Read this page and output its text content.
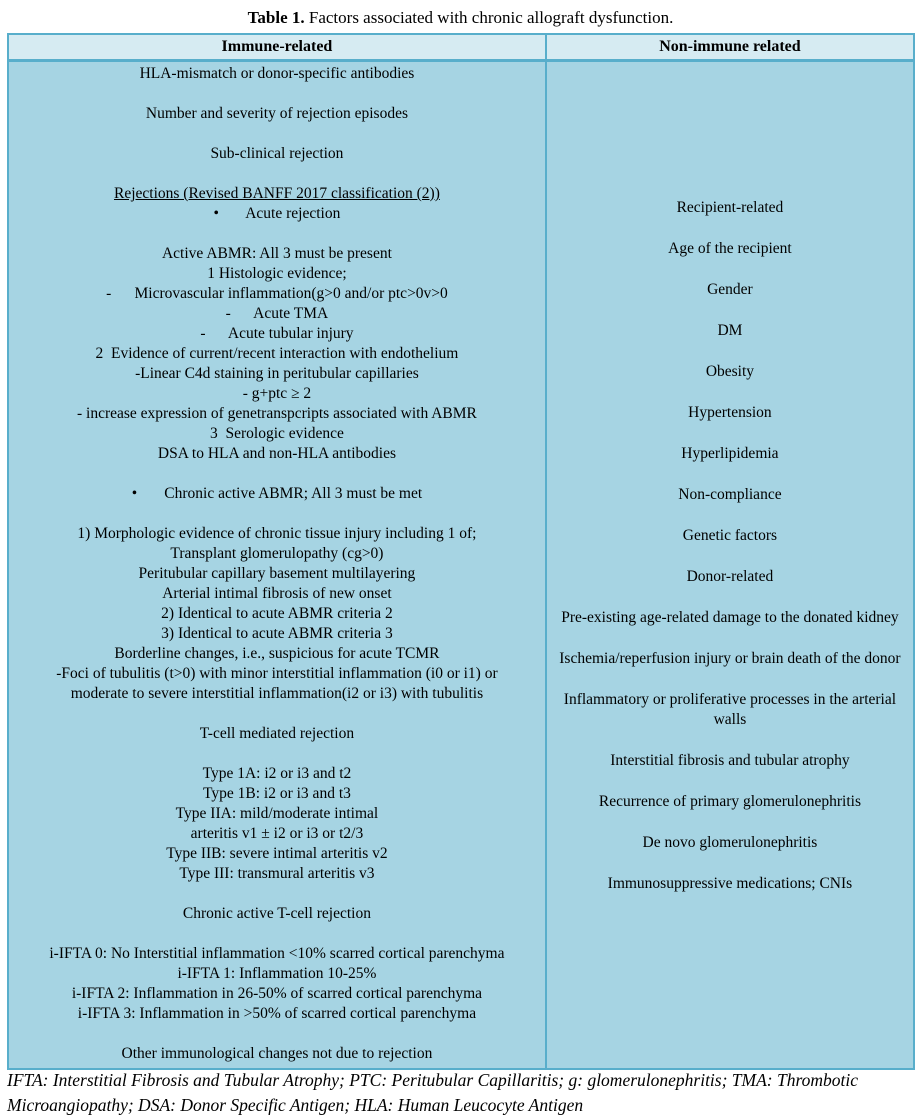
Table 1. Factors associated with chronic allograft dysfunction.
Immune-related	Non-immune related
HLA-mismatch or donor-specific antibodies
Number and severity of rejection episodes
Sub-clinical rejection
Rejections (Revised BANFF 2017 classification (2))
•       Acute rejection
Active ABMR: All 3 must be present
1 Histologic evidence;
-      Microvascular inflammation(g>0 and/or ptc>0v>0
-      Acute TMA
-      Acute tubular injury
2  Evidence of current/recent interaction with endothelium
-Linear C4d staining in peritubular capillaries
- g+ptc ≥ 2
- increase expression of genetranspcripts associated with ABMR
3  Serologic evidence
DSA to HLA and non-HLA antibodies
•       Chronic active ABMR; All 3 must be met
1) Morphologic evidence of chronic tissue injury including 1 of;
Transplant glomerulopathy (cg>0)
Peritubular capillary basement multilayering
Arterial intimal fibrosis of new onset
2) Identical to acute ABMR criteria 2
3) Identical to acute ABMR criteria 3
Borderline changes, i.e., suspicious for acute TCMR
-Foci of tubulitis (t>0) with minor interstitial inflammation (i0 or i1) or
moderate to severe interstitial inflammation(i2 or i3) with tubulitis
T-cell mediated rejection
Type 1A: i2 or i3 and t2
Type 1B: i2 or i3 and t3
Type IIA: mild/moderate intimal
arteritis v1 ± i2 or i3 or t2/3
Type IIB: severe intimal arteritis v2
Type III: transmural arteritis v3
Chronic active T-cell rejection
i-IFTA 0: No Interstitial inflammation <10% scarred cortical parenchyma
i-IFTA 1: Inflammation 10-25%
i-IFTA 2: Inflammation in 26-50% of scarred cortical parenchyma
i-IFTA 3: Inflammation in >50% of scarred cortical parenchyma
Other immunological changes not due to rejection
Recipient-related
Age of the recipient
Gender
DM
Obesity
Hypertension
Hyperlipidemia
Non-compliance
Genetic factors
Donor-related
Pre-existing age-related damage to the donated kidney
Ischemia/reperfusion injury or brain death of the donor
Inflammatory or proliferative processes in the arterial walls
Interstitial fibrosis and tubular atrophy
Recurrence of primary glomerulonephritis
De novo glomerulonephritis
Immunosuppressive medications; CNIs
IFTA: Interstitial Fibrosis and Tubular Atrophy; PTC: Peritubular Capillaritis; g: glomerulonephritis; TMA: Thrombotic Microangiopathy; DSA: Donor Specific Antigen; HLA: Human Leucocyte Antigen
